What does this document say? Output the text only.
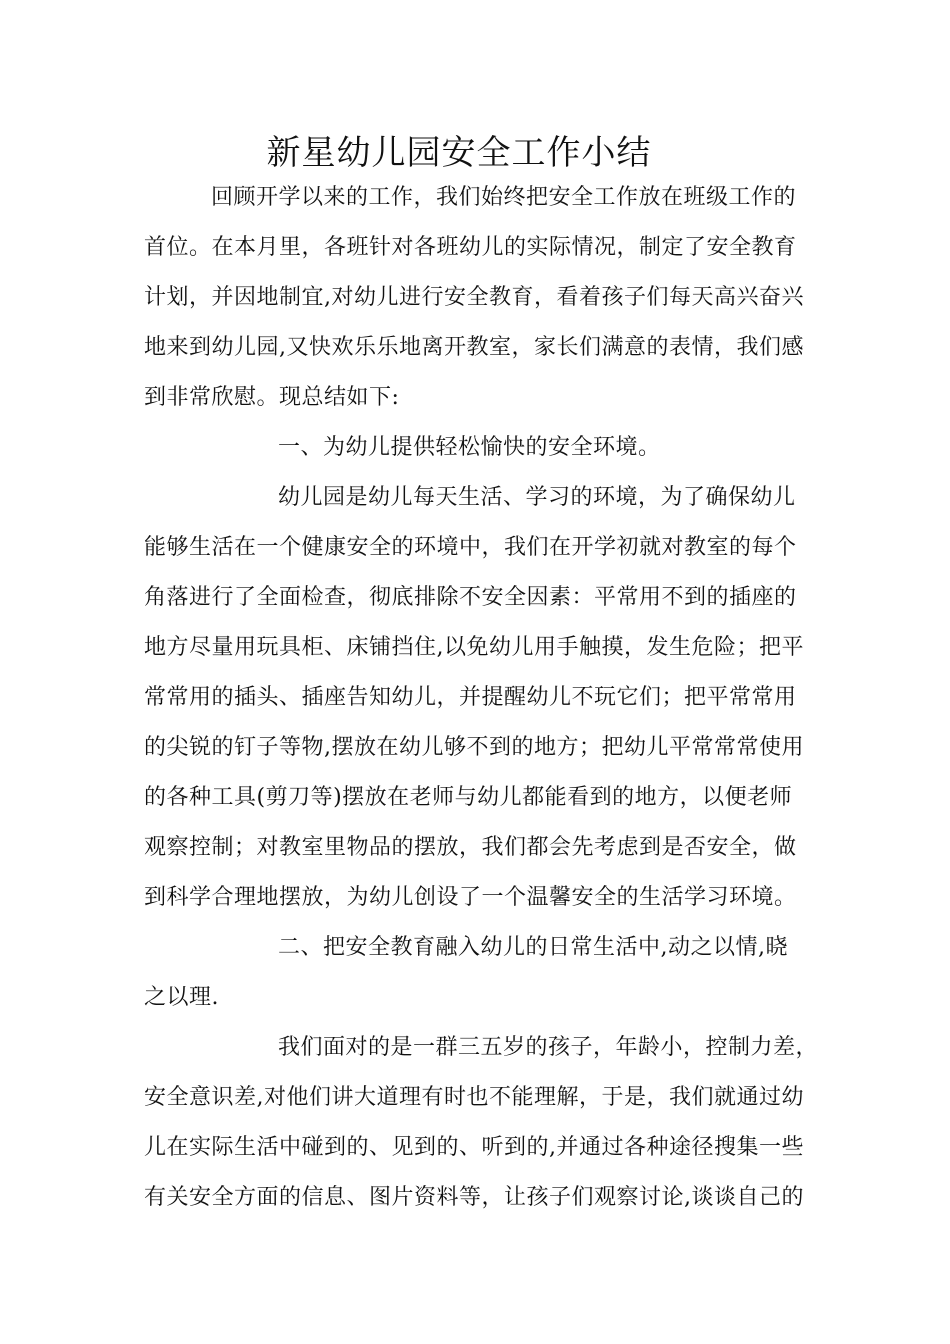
新星幼儿园安全工作小结

回顾开学以来的工作，我们始终把安全工作放在班级工作的

首位。在本月里，各班针对各班幼儿的实际情况，制定了安全教育

计划，并因地制宜,对幼儿进行安全教育，看着孩子们每天高兴奋兴

地来到幼儿园,又快欢乐乐地离开教室，家长们满意的表情，我们感

到非常欣慰。现总结如下:

一、为幼儿提供轻松愉快的安全环境。

幼儿园是幼儿每天生活、学习的环境，为了确保幼儿

能够生活在一个健康安全的环境中，我们在开学初就对教室的每个

角落进行了全面检查，彻底排除不安全因素：平常用不到的插座的

地方尽量用玩具柜、床铺挡住,以免幼儿用手触摸，发生危险；把平

常常用的插头、插座告知幼儿，并提醒幼儿不玩它们；把平常常用

的尖锐的钉子等物,摆放在幼儿够不到的地方；把幼儿平常常常使用

的各种工具(剪刀等)摆放在老师与幼儿都能看到的地方，以便老师

观察控制；对教室里物品的摆放，我们都会先考虑到是否安全，做

到科学合理地摆放，为幼儿创设了一个温馨安全的生活学习环境。

二、把安全教育融入幼儿的日常生活中,动之以情,晓

之以理.

我们面对的是一群三五岁的孩子，年龄小，控制力差，

安全意识差,对他们讲大道理有时也不能理解，于是，我们就通过幼

儿在实际生活中碰到的、见到的、听到的,并通过各种途径搜集一些

有关安全方面的信息、图片资料等，让孩子们观察讨论,谈谈自己的
